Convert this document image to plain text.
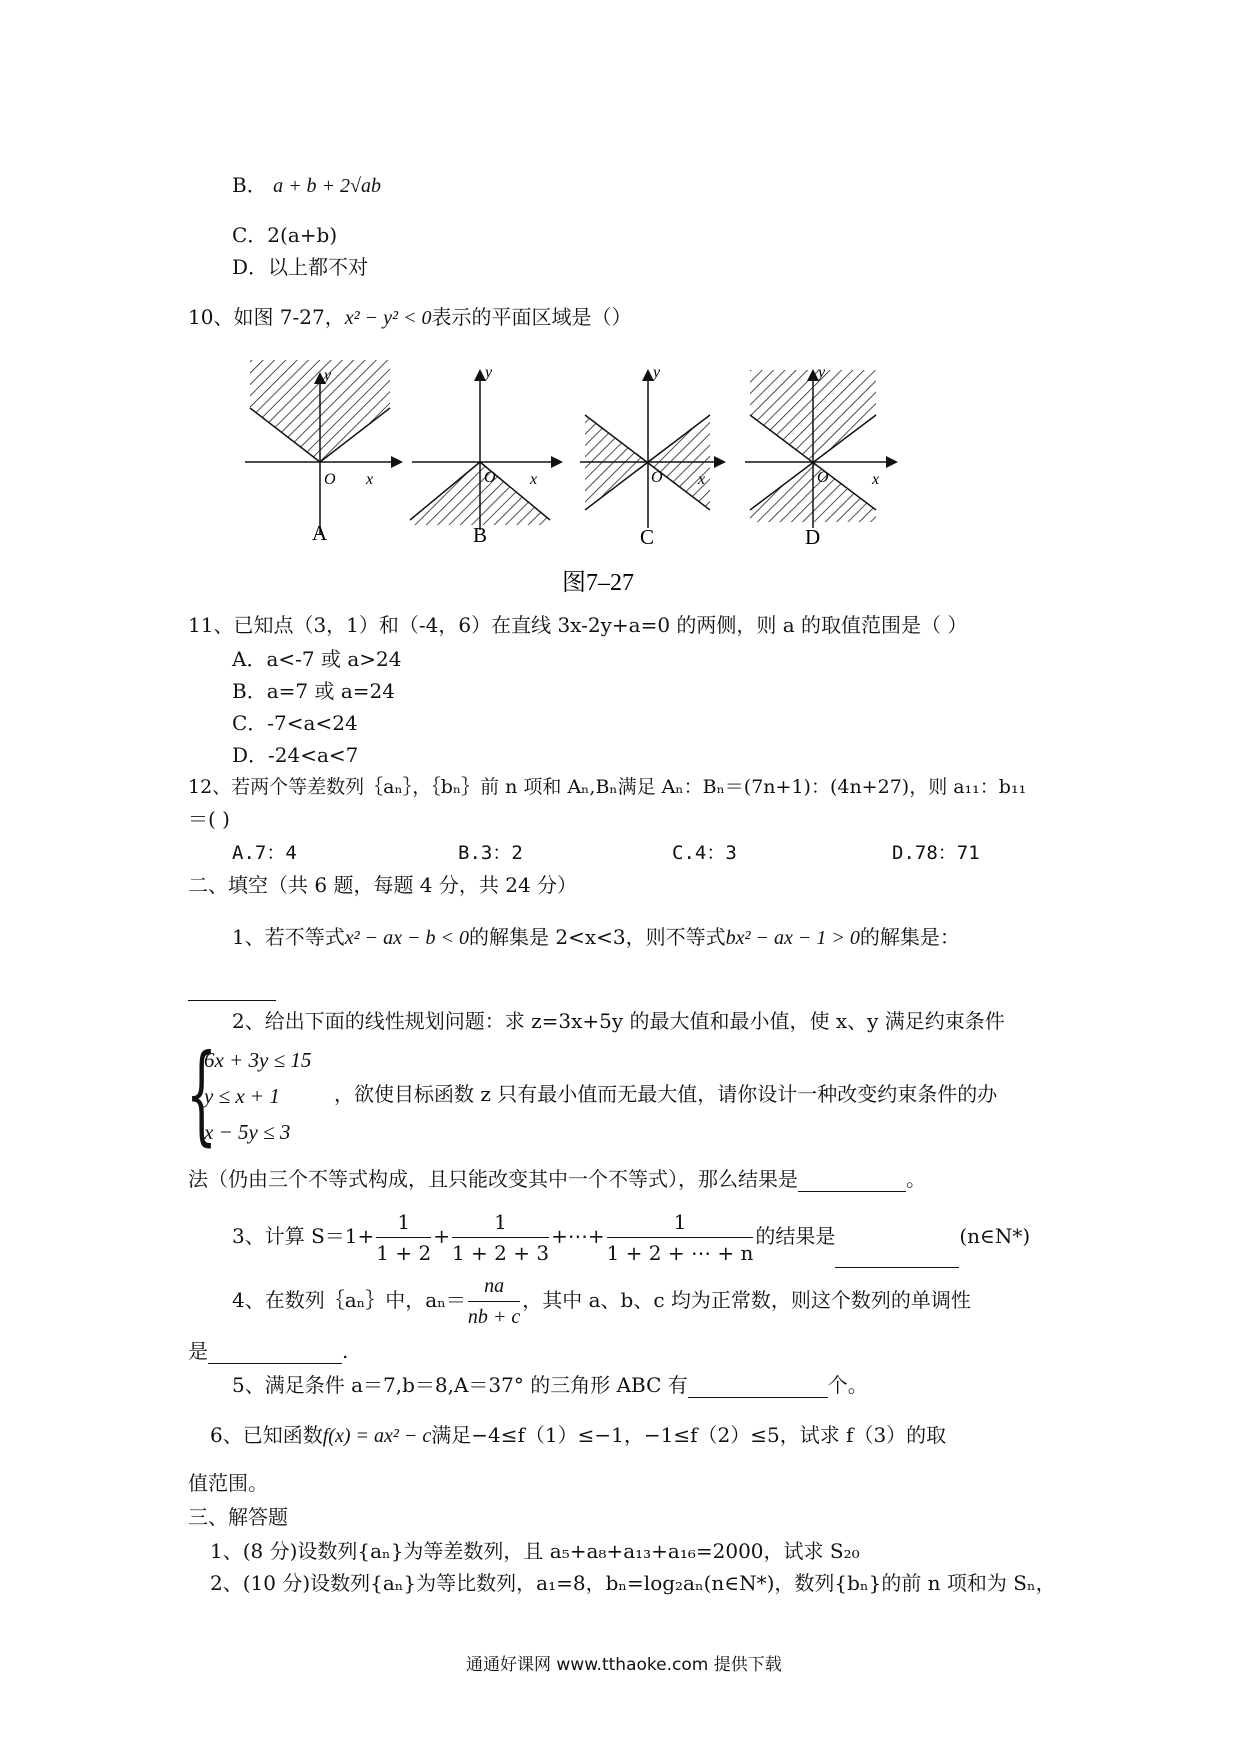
B． a + b + 2√ab
C．2(a+b)
D．以上都不对
10、如图 7-27，x² − y² < 0表示的平面区域是（）
y
x
O
A
y
x
O
B
y
x
O
C
y
x
O
D
图7–27
11、已知点（3，1）和（-4，6）在直线 3x-2y+a=0 的两侧，则 a 的取值范围是（ ）
A．a<-7 或 a>24
B．a=7 或 a=24
C．-7<a<24
D．-24<a<7
12、若两个等差数列｛aₙ｝，｛bₙ｝前 n 项和 Aₙ,Bₙ满足 Aₙ：Bₙ＝(7n+1)：(4n+27)，则 a₁₁：b₁₁
＝( )
A.7：4	B.3：2	C.4：3	D.78：71
二、填空（共 6 题，每题 4 分，共 24 分）
1、若不等式x² − ax − b < 0的解集是 2<x<3，则不等式bx² − ax − 1 > 0的解集是：
2、给出下面的线性规划问题：求 z=3x+5y 的最大值和最小值，使 x、y 满足约束条件
{
6x + 3y ≤ 15
y ≤ x + 1
x − 5y ≤ 3
，欲使目标函数 z 只有最小值而无最大值，请你设计一种改变约束条件的办
法（仍由三个不等式构成，且只能改变其中一个不等式），那么结果是	。
3、计算 $S=1+ \frac{1}{1 + 2} + \frac{1}{1 + 2 + 3}$ +⋯+ $\frac{1}{1 + 2 + \cdots + n}$ 的结果是	(n∈N*)
4、在数列｛aₙ｝中，$a_n= \frac{na}{nb + c}$ ，其中 a、b、c 均为正常数，则这个数列的单调性
是	.
5、满足条件 a＝7,b＝8,A＝37° 的三角形 ABC 有	个。
6、已知函数f(x) = ax² − c满足−4≤f（1）≤−1，−1≤f（2）≤5，试求 f（3）的取
值范围。
三、解答题
1、(8 分)设数列{aₙ}为等差数列，且 a₅+a₈+a₁₃+a₁₆=2000，试求 S₂₀
2、(10 分)设数列{aₙ}为等比数列，a₁=8，bₙ=log₂aₙ(n∈N*)，数列{bₙ}的前 n 项和为 Sₙ，
通通好课网 www.tthaoke.com 提供下载
